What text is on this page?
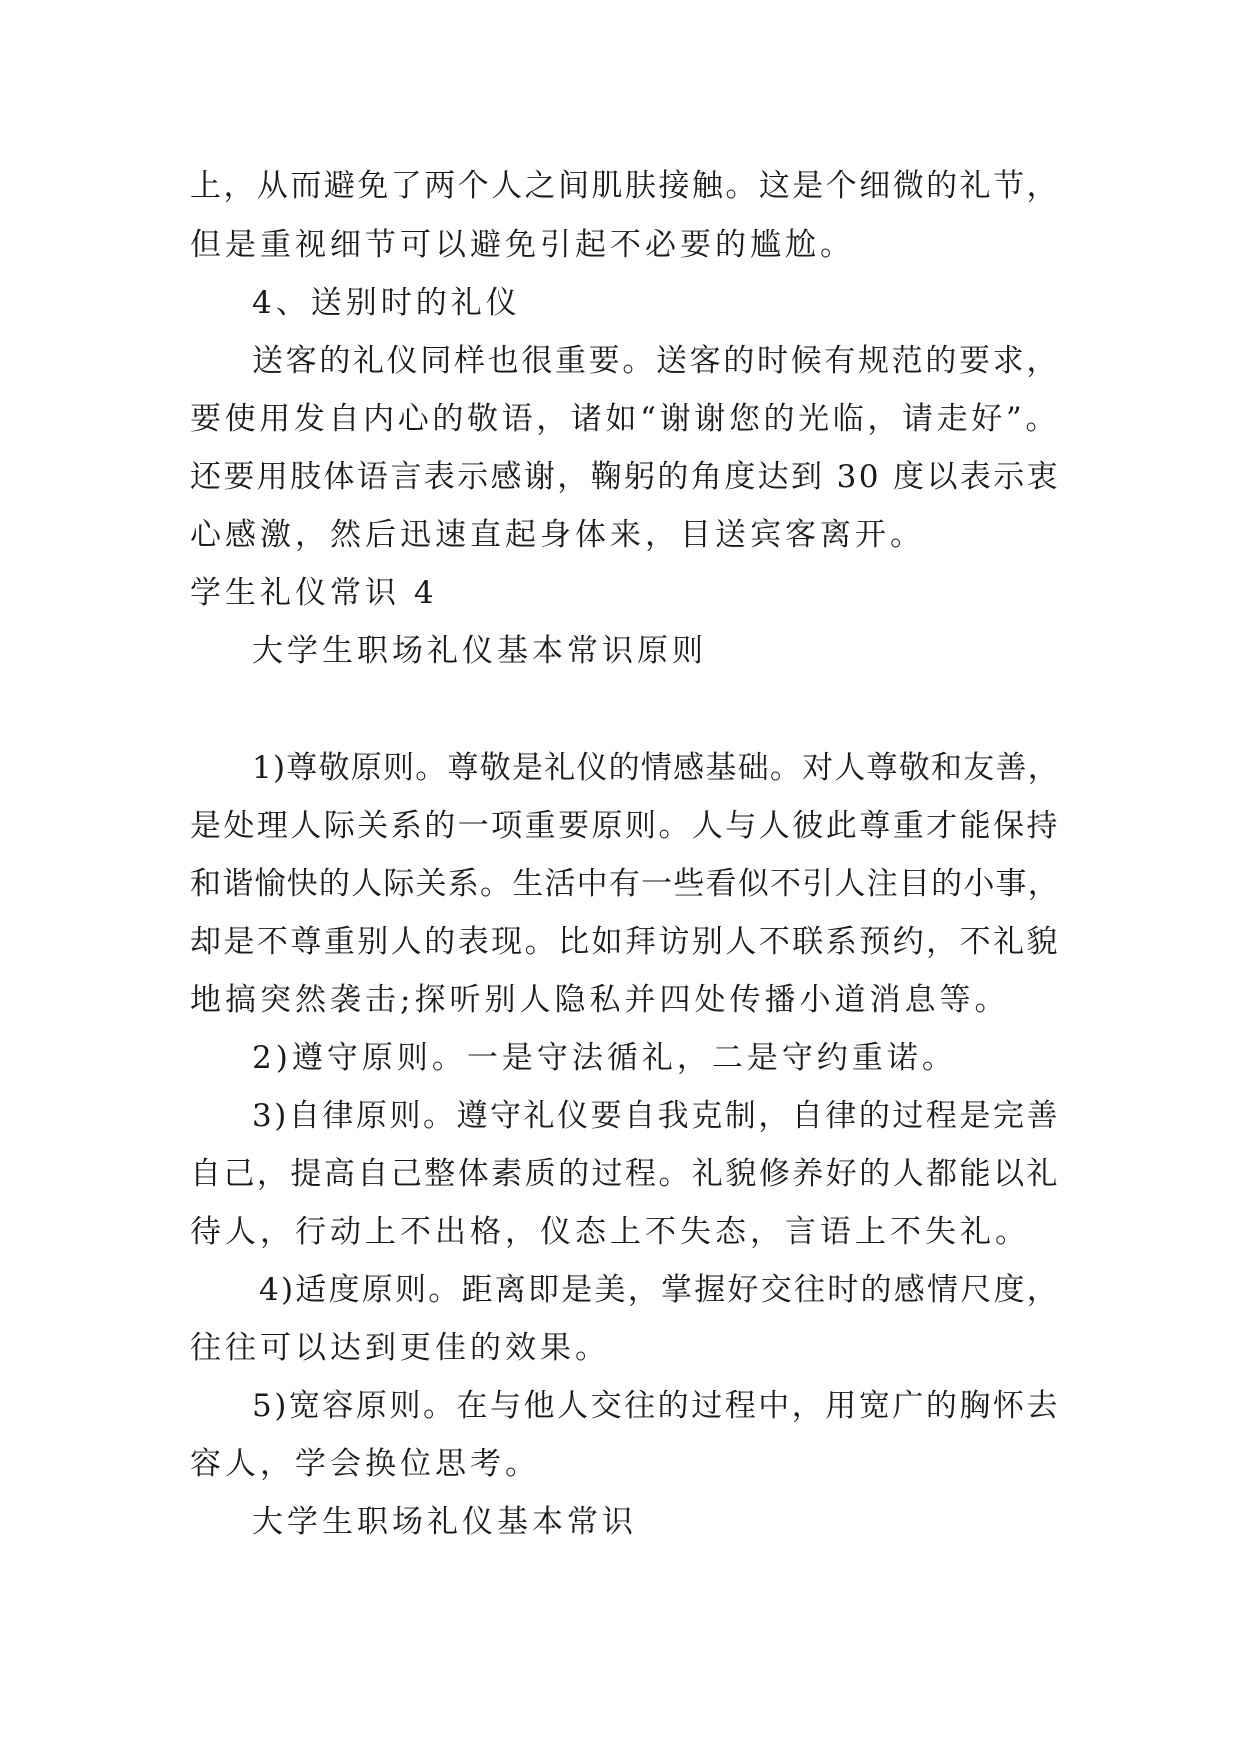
上，从而避免了两个人之间肌肤接触。这是个细微的礼节，
但是重视细节可以避免引起不必要的尴尬。
4、送别时的礼仪
送客的礼仪同样也很重要。送客的时候有规范的要求，
要使用发自内心的敬语，诸如“谢谢您的光临，请走好”。
还要用肢体语言表示感谢，鞠躬的角度达到 30 度以表示衷
心感激，然后迅速直起身体来，目送宾客离开。
学生礼仪常识 4
大学生职场礼仪基本常识原则
1)尊敬原则。尊敬是礼仪的情感基础。对人尊敬和友善，
是处理人际关系的一项重要原则。人与人彼此尊重才能保持
和谐愉快的人际关系。生活中有一些看似不引人注目的小事，
却是不尊重别人的表现。比如拜访别人不联系预约，不礼貌
地搞突然袭击;探听别人隐私并四处传播小道消息等。
2)遵守原则。一是守法循礼，二是守约重诺。
3)自律原则。遵守礼仪要自我克制，自律的过程是完善
自己，提高自己整体素质的过程。礼貌修养好的人都能以礼
待人，行动上不出格，仪态上不失态，言语上不失礼。
4)适度原则。距离即是美，掌握好交往时的感情尺度，
往往可以达到更佳的效果。
5)宽容原则。在与他人交往的过程中，用宽广的胸怀去
容人，学会换位思考。
大学生职场礼仪基本常识
